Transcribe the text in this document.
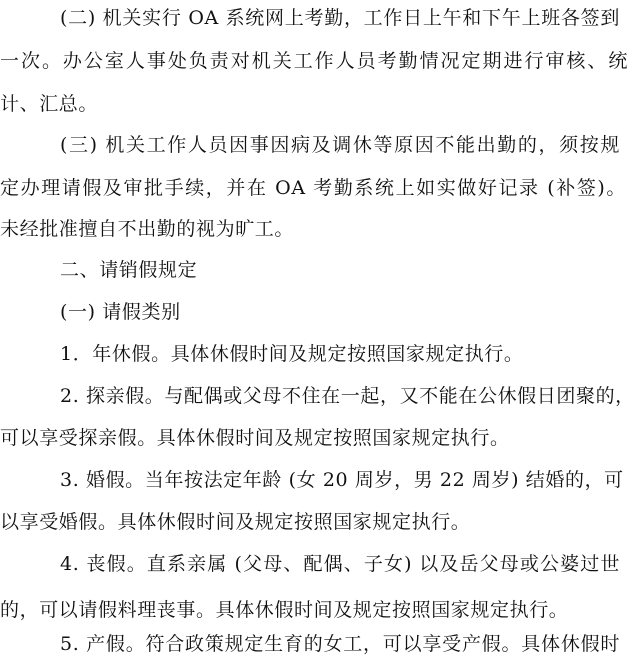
(二) 机关实行 OA 系统网上考勤，工作日上午和下午上班各签到
一次。办公室人事处负责对机关工作人员考勤情况定期进行审核、统
计、汇总。
(三) 机关工作人员因事因病及调休等原因不能出勤的，须按规
定办理请假及审批手续，并在 OA 考勤系统上如实做好记录 (补签)。
未经批准擅自不出勤的视为旷工。
二、请销假规定
(一) 请假类别
1．年休假。具体休假时间及规定按照国家规定执行。
2. 探亲假。与配偶或父母不住在一起，又不能在公休假日团聚的，
可以享受探亲假。具体休假时间及规定按照国家规定执行。
3. 婚假。当年按法定年龄 (女 20 周岁，男 22 周岁) 结婚的，可
以享受婚假。具体休假时间及规定按照国家规定执行。
4. 丧假。直系亲属 (父母、配偶、子女) 以及岳父母或公婆过世
的，可以请假料理丧事。具体休假时间及规定按照国家规定执行。
5. 产假。符合政策规定生育的女工，可以享受产假。具体休假时
